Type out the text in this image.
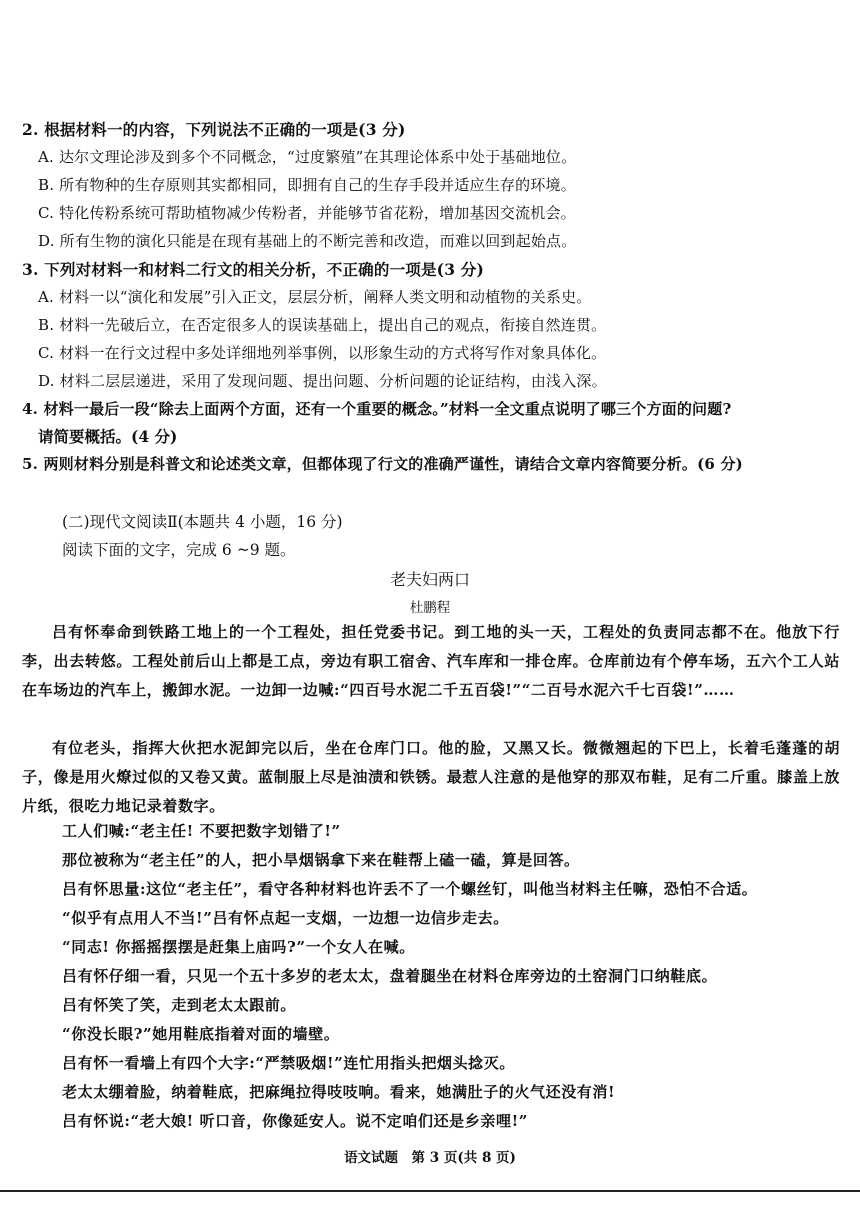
2. 根据材料一的内容，下列说法不正确的一项是(3 分)
A. 达尔文理论涉及到多个不同概念，“过度繁殖”在其理论体系中处于基础地位。
B. 所有物种的生存原则其实都相同，即拥有自己的生存手段并适应生存的环境。
C. 特化传粉系统可帮助植物减少传粉者，并能够节省花粉，增加基因交流机会。
D. 所有生物的演化只能是在现有基础上的不断完善和改造，而难以回到起始点。
3. 下列对材料一和材料二行文的相关分析，不正确的一项是(3 分)
A. 材料一以“演化和发展”引入正文，层层分析，阐释人类文明和动植物的关系史。
B. 材料一先破后立，在否定很多人的误读基础上，提出自己的观点，衔接自然连贯。
C. 材料一在行文过程中多处详细地列举事例，以形象生动的方式将写作对象具体化。
D. 材料二层层递进，采用了发现问题、提出问题、分析问题的论证结构，由浅入深。
4. 材料一最后一段“除去上面两个方面，还有一个重要的概念。”材料一全文重点说明了哪三个方面的问题?
请简要概括。(4 分)
5. 两则材料分别是科普文和论述类文章，但都体现了行文的准确严谨性，请结合文章内容简要分析。(6 分)
(二)现代文阅读Ⅱ(本题共 4 小题，16 分)
阅读下面的文字，完成 6 ~9 题。
老夫妇两口
杜鹏程
吕有怀奉命到铁路工地上的一个工程处，担任党委书记。到工地的头一天，工程处的负责同志都不在。他放下行李，出去转悠。工程处前后山上都是工点，旁边有职工宿舍、汽车库和一排仓库。仓库前边有个停车场，五六个工人站在车场边的汽车上，搬卸水泥。一边卸一边喊:“四百号水泥二千五百袋!”“二百号水泥六千七百袋!”……
有位老头，指挥大伙把水泥卸完以后，坐在仓库门口。他的脸，又黑又长。微微翘起的下巴上，长着毛蓬蓬的胡子，像是用火燎过似的又卷又黄。蓝制服上尽是油渍和铁锈。最惹人注意的是他穿的那双布鞋，足有二斤重。膝盖上放片纸，很吃力地记录着数字。
工人们喊:“老主任! 不要把数字划错了!”
那位被称为“老主任”的人，把小旱烟锅拿下来在鞋帮上磕一磕，算是回答。
吕有怀思量:这位“老主任”，看守各种材料也许丢不了一个螺丝钉，叫他当材料主任嘛，恐怕不合适。
“似乎有点用人不当!”吕有怀点起一支烟，一边想一边信步走去。
“同志! 你摇摇摆摆是赶集上庙吗?”一个女人在喊。
吕有怀仔细一看，只见一个五十多岁的老太太，盘着腿坐在材料仓库旁边的土窑洞门口纳鞋底。
吕有怀笑了笑，走到老太太跟前。
“你没长眼?”她用鞋底指着对面的墙壁。
吕有怀一看墙上有四个大字:“严禁吸烟!”连忙用指头把烟头捻灭。
老太太绷着脸，纳着鞋底，把麻绳拉得吱吱响。看来，她满肚子的火气还没有消!
吕有怀说:“老大娘! 听口音，你像延安人。说不定咱们还是乡亲哩!”
语文试题　第 3 页(共 8 页)
